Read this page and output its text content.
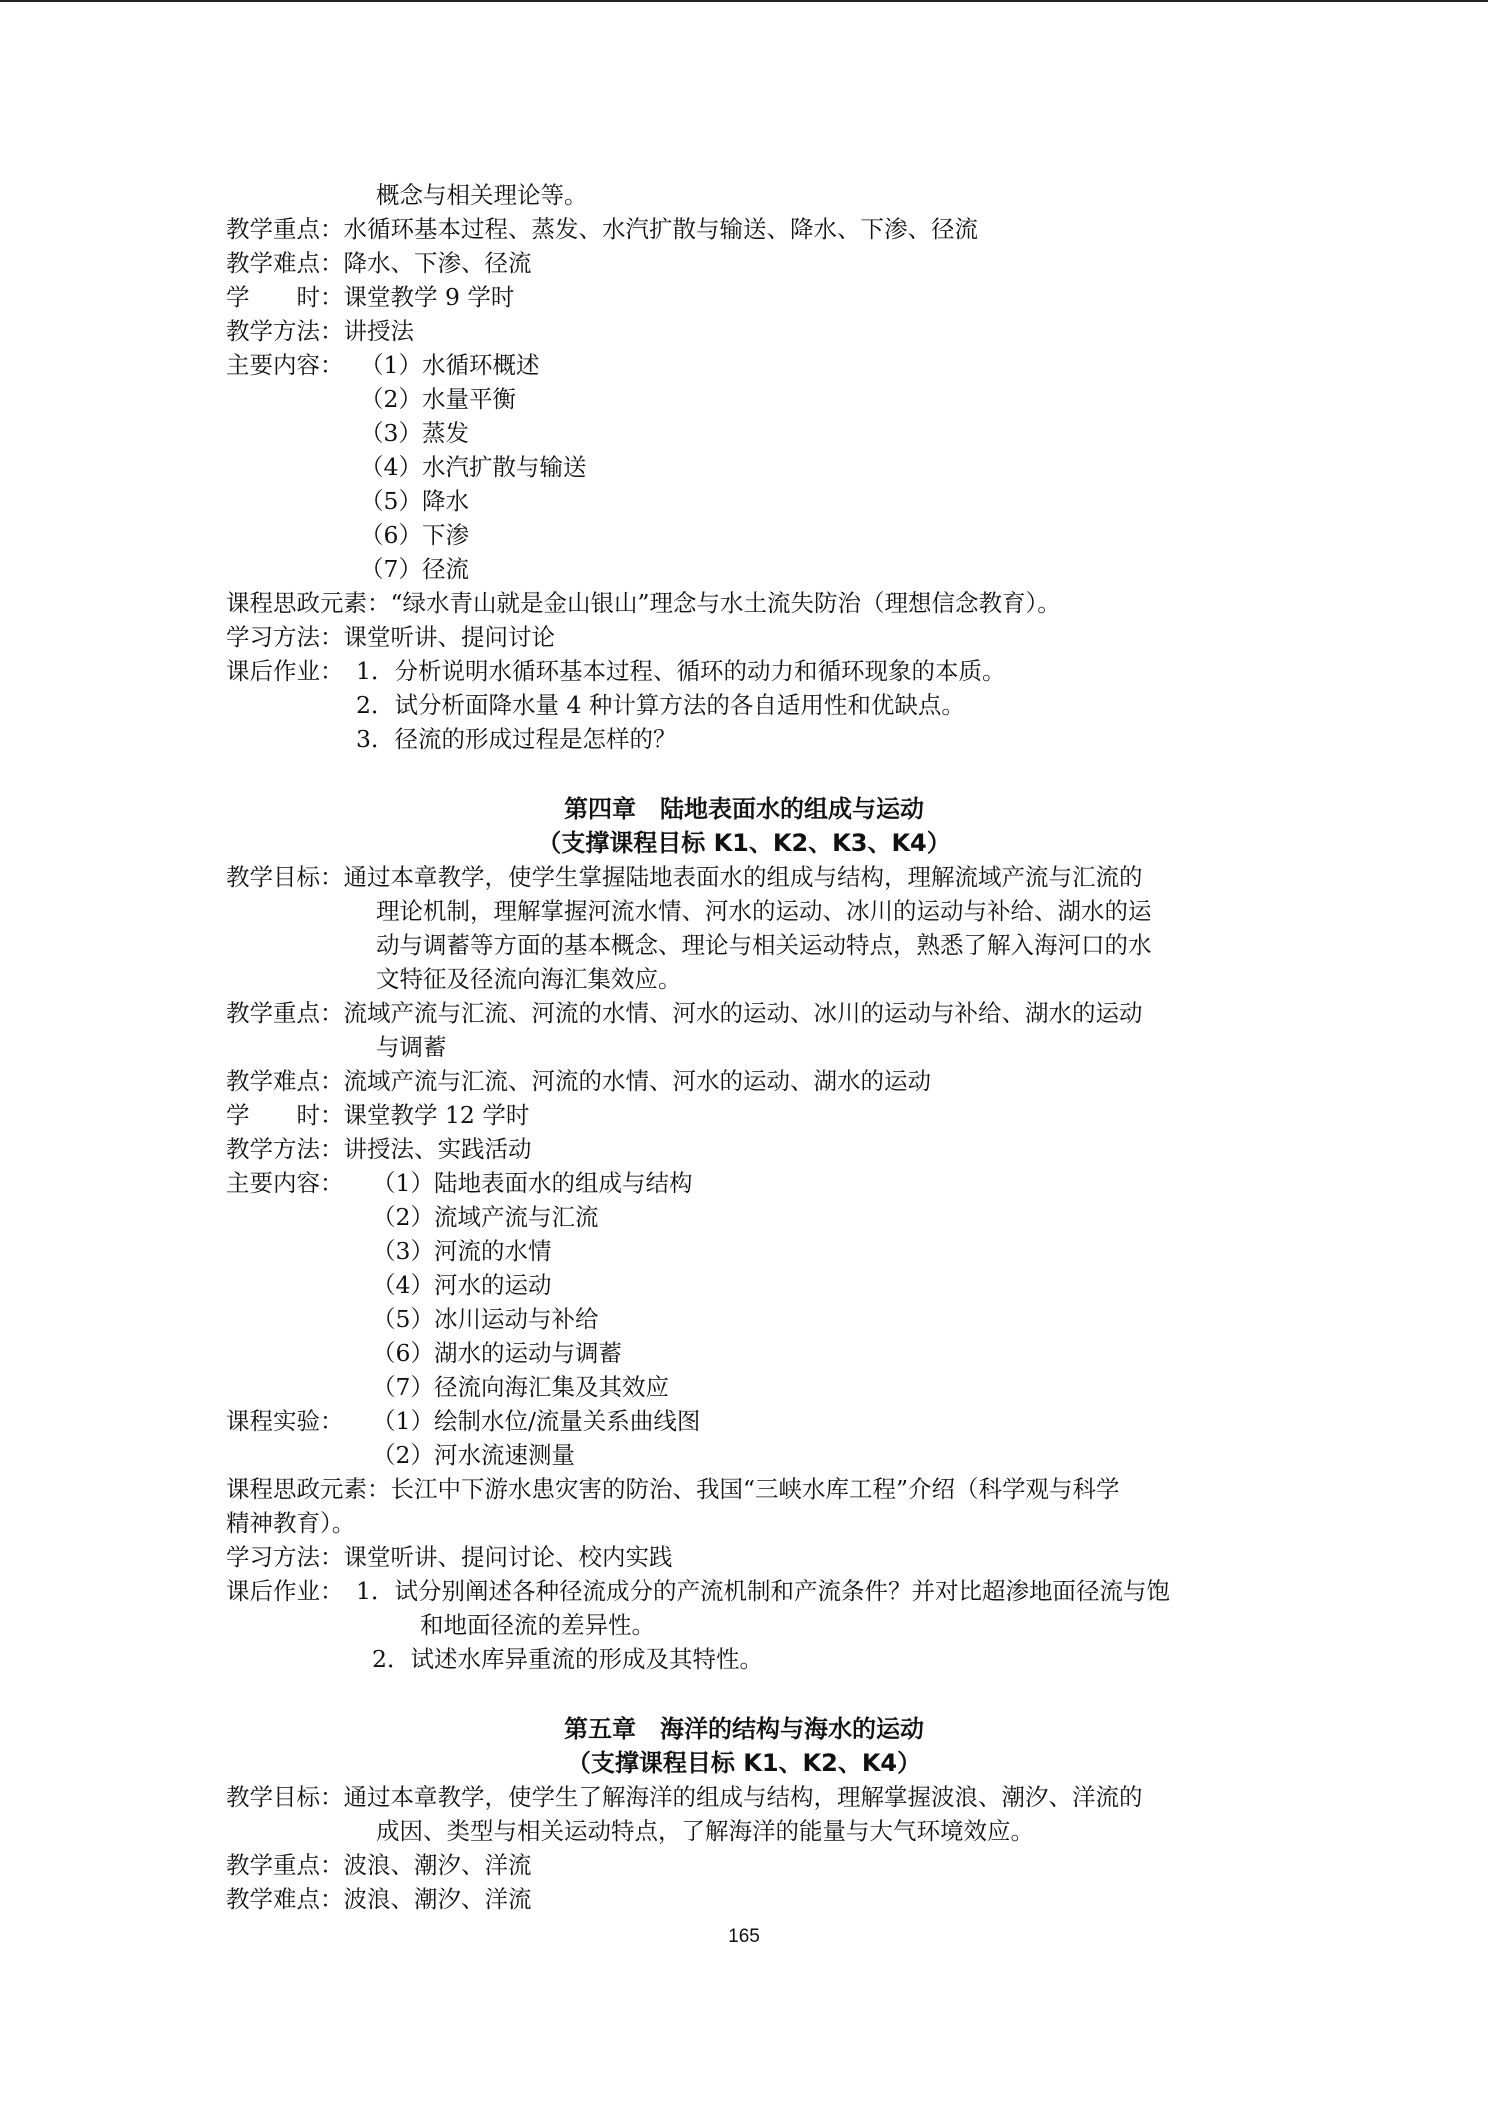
概念与相关理论等。
教学重点：水循环基本过程、蒸发、水汽扩散与输送、降水、下渗、径流
教学难点：降水、下渗、径流
学　　时：课堂教学 9 学时
教学方法：讲授法
主要内容： （1）水循环概述
（2）水量平衡
（3）蒸发
（4）水汽扩散与输送
（5）降水
（6）下渗
（7）径流
课程思政元素：“绿水青山就是金山银山”理念与水土流失防治（理想信念教育）。
学习方法：课堂听讲、提问讨论
课后作业： 1．分析说明水循环基本过程、循环的动力和循环现象的本质。
2．试分析面降水量 4 种计算方法的各自适用性和优缺点。
3．径流的形成过程是怎样的？
第四章　陆地表面水的组成与运动
（支撑课程目标 K1、K2、K3、K4）
教学目标：通过本章教学，使学生掌握陆地表面水的组成与结构，理解流域产流与汇流的
理论机制，理解掌握河流水情、河水的运动、冰川的运动与补给、湖水的运
动与调蓄等方面的基本概念、理论与相关运动特点，熟悉了解入海河口的水
文特征及径流向海汇集效应。
教学重点：流域产流与汇流、河流的水情、河水的运动、冰川的运动与补给、湖水的运动
与调蓄
教学难点：流域产流与汇流、河流的水情、河水的运动、湖水的运动
学　　时：课堂教学 12 学时
教学方法：讲授法、实践活动
主要内容： （1）陆地表面水的组成与结构
（2）流域产流与汇流
（3）河流的水情
（4）河水的运动
（5）冰川运动与补给
（6）湖水的运动与调蓄
（7）径流向海汇集及其效应
课程实验： （1）绘制水位/流量关系曲线图
（2）河水流速测量
课程思政元素：长江中下游水患灾害的防治、我国“三峡水库工程”介绍（科学观与科学
精神教育）。
学习方法：课堂听讲、提问讨论、校内实践
课后作业： 1．试分别阐述各种径流成分的产流机制和产流条件？并对比超渗地面径流与饱
和地面径流的差异性。
2．试述水库异重流的形成及其特性。
第五章　海洋的结构与海水的运动
（支撑课程目标 K1、K2、K4）
教学目标：通过本章教学，使学生了解海洋的组成与结构，理解掌握波浪、潮汐、洋流的
成因、类型与相关运动特点，了解海洋的能量与大气环境效应。
教学重点：波浪、潮汐、洋流
教学难点：波浪、潮汐、洋流
165
